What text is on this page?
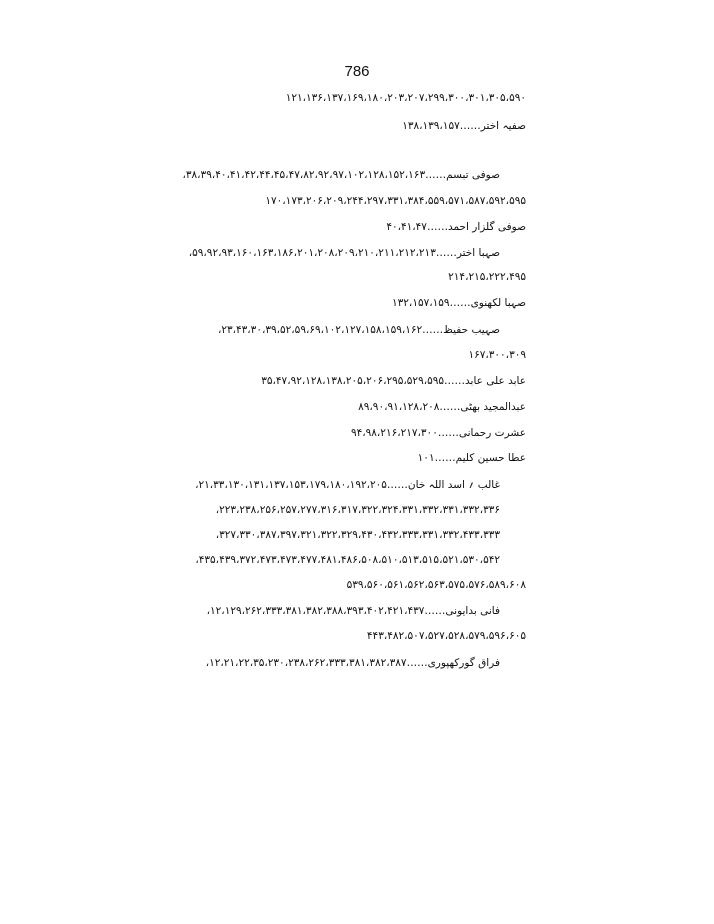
786
۱۲۱،۱۳۶،۱۳۷،۱۶۹،۱۸۰،۲۰۳،۲۰۷،۲۹۹،۳۰۰،۳۰۱،۳۰۵،۵۹۰
صفیہ اختر……۱۳۸،۱۳۹،۱۵۷
صوفی تبسم……۳۸،۳۹،۴۰،۴۱،۴۲،۴۴،۴۵،۴۷،۸۲،۹۲،۹۷،۱۰۲،۱۲۸،۱۵۲،۱۶۳،
۱۷۰،۱۷۳،۲۰۶،۲۰۹،۲۴۴،۲۹۷،۳۳۱،۳۸۴،۵۵۹،۵۷۱،۵۸۷،۵۹۲،۵۹۵
صوفی گلزار احمد……۴۰،۴۱،۴۷
صہبا اختر……۵۹،۹۲،۹۳،۱۶۰،۱۶۳،۱۸۶،۲۰۱،۲۰۸،۲۰۹،۲۱۰،۲۱۱،۲۱۲،۲۱۳،
۲۱۴،۲۱۵،۲۲۲،۴۹۵
صہبا لکھنوی……۱۳۲،۱۵۷،۱۵۹
صہیب حفیظ……۲۳،۴۳،۳۰،۳۹،۵۲،۵۹،۶۹،۱۰۲،۱۲۷،۱۵۸،۱۵۹،۱۶۲،
۱۶۷،۳۰۰،۳۰۹
عابد علی عابد……۳۵،۴۷،۹۲،۱۲۸،۱۳۸،۲۰۵،۲۰۶،۲۹۵،۵۲۹،۵۹۵
عبدالمجید بھٹی……۸۹،۹۰،۹۱،۱۲۸،۲۰۸
عشرت رحمانی……۹۴،۹۸،۲۱۶،۲۱۷،۳۰۰
عطا حسین کلیم……۱۰۱
غالب ؍ اسد اللہ خان……۲۱،۳۳،۱۳۰،۱۳۱،۱۳۷،۱۵۳،۱۷۹،۱۸۰،۱۹۲،۲۰۵،
۲۲۳،۲۳۸،۲۵۶،۲۵۷،۲۷۷،۳۱۶،۳۱۷،۳۲۲،۳۲۴،۳۳۱،۳۳۲،۳۳۱،۳۳۲،۳۳۶،
۳۲۷،۳۳۰،۳۸۷،۳۹۷،۳۲۱،۳۲۲،۳۲۹،۴۳۰،۴۳۲،۳۳۳،۳۳۱،۳۳۲،۴۳۳،۳۳۳،
۴۳۵،۴۳۹،۳۷۲،۴۷۳،۴۷۳،۴۷۷،۴۸۱،۴۸۶،۵۰۸،۵۱۰،۵۱۳،۵۱۵،۵۲۱،۵۳۰،۵۴۲،
۵۳۹،۵۶۰،۵۶۱،۵۶۲،۵۶۳،۵۷۵،۵۷۶،۵۸۹،۶۰۸
فانی بدایونی……۱۲،۱۲۹،۲۶۲،۳۳۳،۳۸۱،۳۸۲،۳۸۸،۳۹۳،۴۰۲،۴۲۱،۴۳۷،
۴۴۳،۴۸۲،۵۰۷،۵۲۷،۵۲۸،۵۷۹،۵۹۶،۶۰۵
فراق گورکھپوری……۱۲،۲۱،۲۲،۳۵،۲۳۰،۲۳۸،۲۶۲،۳۳۳،۳۸۱،۳۸۲،۳۸۷،
